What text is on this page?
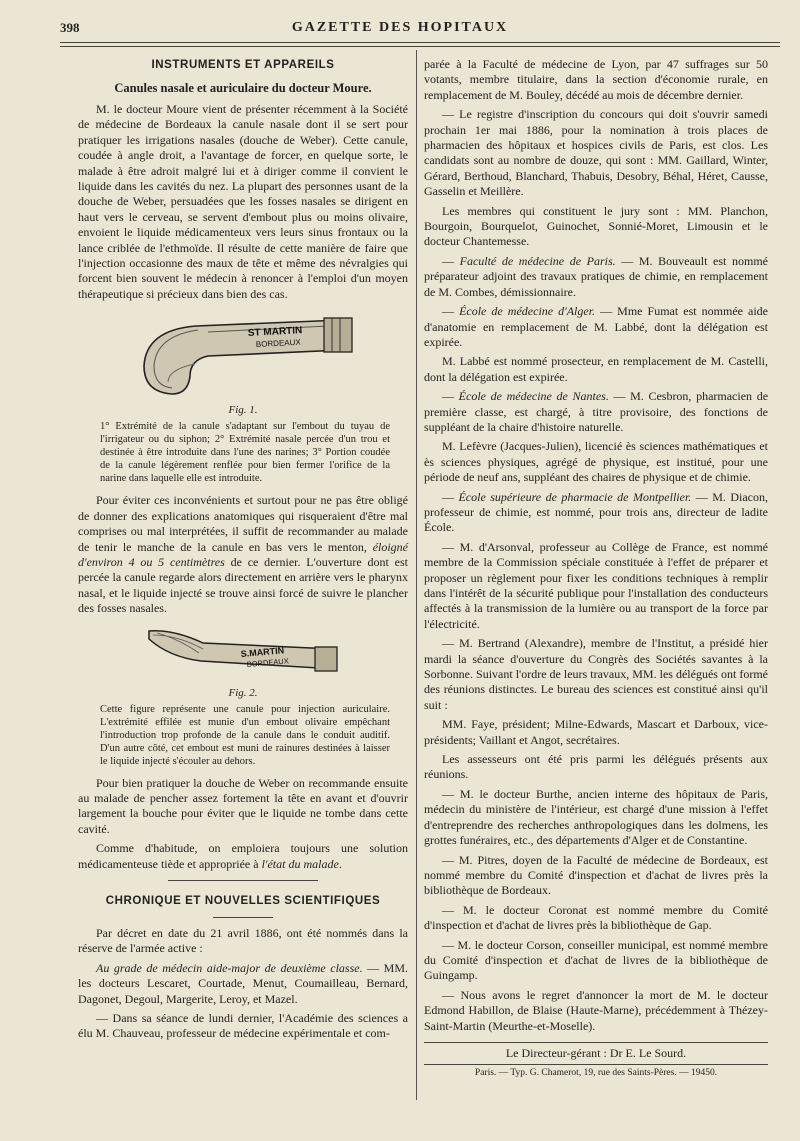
398	GAZETTE DES HOPITAUX
INSTRUMENTS ET APPAREILS
Canules nasale et auriculaire du docteur Moure.

M. le docteur Moure vient de présenter récemment à la Société de médecine de Bordeaux la canule nasale dont il se sert pour pratiquer les irrigations nasales (douche de Weber). Cette canule, coudée à angle droit, a l'avantage de forcer, en quelque sorte, le malade à être adroit malgré lui et à diriger comme il convient le liquide dans les cavités du nez. La plupart des personnes usant de la douche de Weber, persuadées que les fosses nasales se dirigent en haut vers le cerveau, se servent d'embout plus ou moins olivaire, envoient le liquide médicamenteux vers leurs sinus frontaux ou la lance criblée de l'ethmoïde. Il résulte de cette manière de faire que l'injection occasionne des maux de tête et même des névralgies qui forcent bien souvent le médecin à renoncer à l'emploi d'un moyen thérapeutique si précieux dans bien des cas.

ST MARTIN
BORDEAUX
Fig. 1.
1° Extrémité de la canule s'adaptant sur l'embout du tuyau de l'irrigateur ou du siphon; 2° Extrémité nasale percée d'un trou et destinée à être introduite dans l'une des narines; 3° Portion coudée de la canule légèrement renflée pour bien fermer l'orifice de la narine dans laquelle elle est introduite.

Pour éviter ces inconvénients et surtout pour ne pas être obligé de donner des explications anatomiques qui risqueraient d'être mal comprises ou mal interprétées, il suffit de recommander au malade de tenir le manche de la canule en bas vers le menton, éloigné d'environ 4 ou 5 centimètres de ce dernier. L'ouverture dont est percée la canule regarde alors directement en arrière vers le pharynx nasal, et le liquide injecté se trouve ainsi forcé de suivre le plancher des fosses nasales.

S.MARTIN
BORDEAUX
Fig. 2.
Cette figure représente une canule pour injection auriculaire. L'extrémité effilée est munie d'un embout olivaire empêchant l'introduction trop profonde de la canule dans le conduit auditif. D'un autre côté, cet embout est muni de rainures destinées à laisser le liquide injecté s'écouler au dehors.

Pour bien pratiquer la douche de Weber on recommande ensuite au malade de pencher assez fortement la tête en avant et d'ouvrir largement la bouche pour éviter que le liquide ne tombe dans cette cavité.

Comme d'habitude, on emploiera toujours une solution médicamenteuse tiède et appropriée à l'état du malade.

CHRONIQUE ET NOUVELLES SCIENTIFIQUES

Par décret en date du 21 avril 1886, ont été nommés dans la réserve de l'armée active :

Au grade de médecin aide-major de deuxième classe. — MM. les docteurs Lescaret, Courtade, Menut, Coumailleau, Bernard, Dagonet, Degoul, Margerite, Leroy, et Mazel.

— Dans sa séance de lundi dernier, l'Académie des sciences a élu M. Chauveau, professeur de médecine expérimentale et com-

parée à la Faculté de médecine de Lyon, par 47 suffrages sur 50 votants, membre titulaire, dans la section d'économie rurale, en remplacement de M. Bouley, décédé au mois de décembre dernier.

— Le registre d'inscription du concours qui doit s'ouvrir samedi prochain 1er mai 1886, pour la nomination à trois places de pharmacien des hôpitaux et hospices civils de Paris, est clos. Les candidats sont au nombre de douze, qui sont : MM. Gaillard, Winter, Gérard, Berthoud, Blanchard, Thabuis, Desobry, Béhal, Héret, Causse, Gasselin et Meillère.

Les membres qui constituent le jury sont : MM. Planchon, Bourgoin, Bourquelot, Guinochet, Sonnié-Moret, Limousin et le docteur Chantemesse.

— Faculté de médecine de Paris. — M. Bouveault est nommé préparateur adjoint des travaux pratiques de chimie, en remplacement de M. Combes, démissionnaire.

— École de médecine d'Alger. — Mme Fumat est nommée aide d'anatomie en remplacement de M. Labbé, dont la délégation est expirée.

M. Labbé est nommé prosecteur, en remplacement de M. Castelli, dont la délégation est expirée.

— École de médecine de Nantes. — M. Cesbron, pharmacien de première classe, est chargé, à titre provisoire, des fonctions de suppléant de la chaire d'histoire naturelle.

M. Lefèvre (Jacques-Julien), licencié ès sciences mathématiques et ès sciences physiques, agrégé de physique, est institué, pour une période de neuf ans, suppléant des chaires de physique et de chimie.

— École supérieure de pharmacie de Montpellier. — M. Diacon, professeur de chimie, est nommé, pour trois ans, directeur de ladite École.

— M. d'Arsonval, professeur au Collège de France, est nommé membre de la Commission spéciale constituée à l'effet de préparer et proposer un règlement pour fixer les conditions techniques à remplir dans l'intérêt de la sécurité publique pour l'installation des conducteurs affectés à la transmission de la lumière ou au transport de la force par l'électricité.

— M. Bertrand (Alexandre), membre de l'Institut, a présidé hier mardi la séance d'ouverture du Congrès des Sociétés savantes à la Sorbonne. Suivant l'ordre de leurs travaux, MM. les délégués ont formé des réunions distinctes. Le bureau des sciences est constitué ainsi qu'il suit :

MM. Faye, président; Milne-Edwards, Mascart et Darboux, vice-présidents; Vaillant et Angot, secrétaires.

Les assesseurs ont été pris parmi les délégués présents aux réunions.

— M. le docteur Burthe, ancien interne des hôpitaux de Paris, médecin du ministère de l'intérieur, est chargé d'une mission à l'effet d'entreprendre des recherches anthropologiques dans les dolmens, les grottes funéraires, etc., des départements d'Alger et de Constantine.

— M. Pitres, doyen de la Faculté de médecine de Bordeaux, est nommé membre du Comité d'inspection et d'achat de livres près la bibliothèque de Bordeaux.

— M. le docteur Coronat est nommé membre du Comité d'inspection et d'achat de livres près la bibliothèque de Gap.

— M. le docteur Corson, conseiller municipal, est nommé membre du Comité d'inspection et d'achat de livres de la bibliothèque de Guingamp.

— Nous avons le regret d'annoncer la mort de M. le docteur Edmond Habillon, de Blaise (Haute-Marne), précédemment à Thézey-Saint-Martin (Meurthe-et-Moselle).

Le Directeur-gérant : Dr E. Le Sourd.
Paris. — Typ. G. Chamerot, 19, rue des Saints-Pères. — 19450.
